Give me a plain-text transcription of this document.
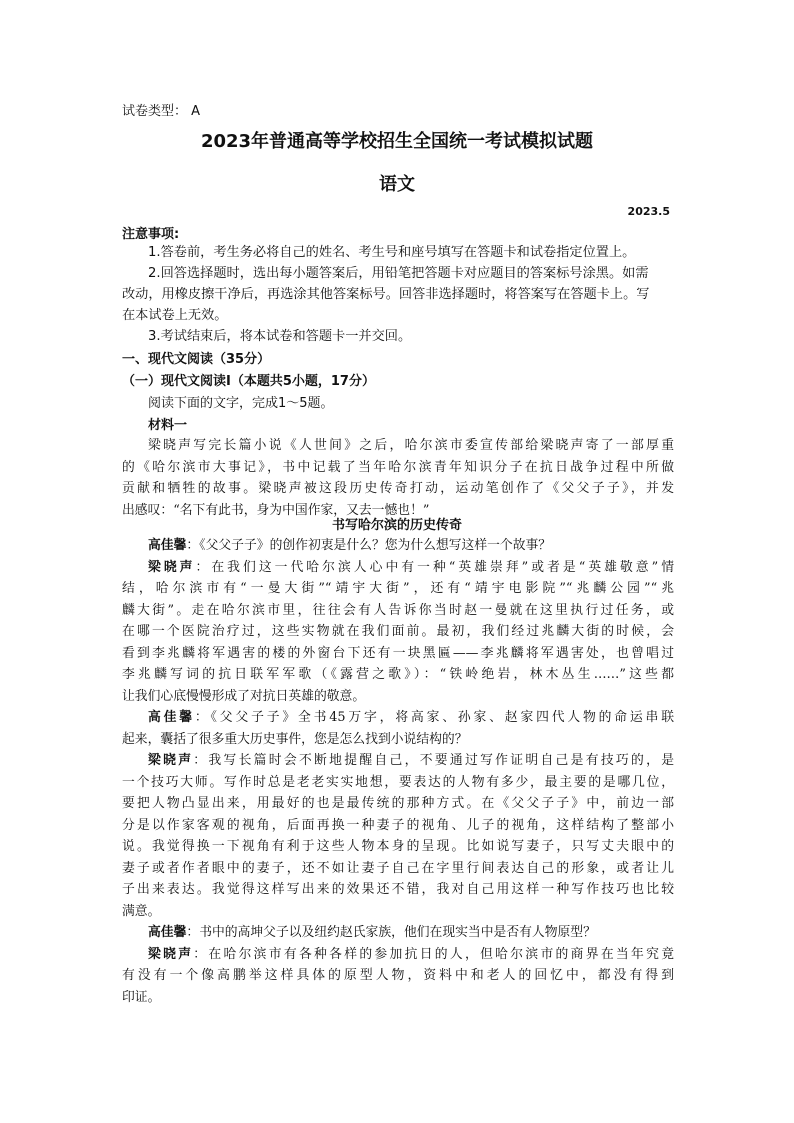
试卷类型： A
2023年普通高等学校招生全国统一考试模拟试题
语文
2023.5
注意事项:
1.答卷前，考生务必将自己的姓名、考生号和座号填写在答题卡和试卷指定位置上。
2.回答选择题时，选出每小题答案后，用铅笔把答题卡对应题目的答案标号涂黑。如需
改动，用橡皮擦干净后，再选涂其他答案标号。回答非选择题时，将答案写在答题卡上。写
在本试卷上无效。
3.考试结束后，将本试卷和答题卡一并交回。
一、现代文阅读（35分）
（一）现代文阅读Ⅰ（本题共5小题，17分）
阅读下面的文字，完成1～5题。
材料一
梁晓声写完长篇小说《人世间》之后，哈尔滨市委宣传部给梁晓声寄了一部厚重
的《哈尔滨市大事记》，书中记载了当年哈尔滨青年知识分子在抗日战争过程中所做
贡献和牺牲的故事。梁晓声被这段历史传奇打动，运动笔创作了《父父子子》，并发
出感叹：“名下有此书，身为中国作家，又去一憾也！”
书写哈尔滨的历史传奇
高佳馨：《父父子子》的创作初衷是什么？您为什么想写这样一个故事？
梁晓声：在我们这一代哈尔滨人心中有一种“英雄崇拜”或者是“英雄敬意”情
结，哈尔滨市有“一曼大街”“靖宇大街”，还有“靖宇电影院”“兆麟公园”“兆
麟大街”。走在哈尔滨市里，往往会有人告诉你当时赵一曼就在这里执行过任务，或
在哪一个医院治疗过，这些实物就在我们面前。最初，我们经过兆麟大街的时候，会
看到李兆麟将军遇害的楼的外窗台下还有一块黑匾——李兆麟将军遇害处，也曾唱过
李兆麟写词的抗日联军军歌（《露营之歌》）：“铁岭绝岩，林木丛生……”这些都
让我们心底慢慢形成了对抗日英雄的敬意。
高佳馨：《父父子子》全书45万字，将高家、孙家、赵家四代人物的命运串联
起来，囊括了很多重大历史事件，您是怎么找到小说结构的？
梁晓声：我写长篇时会不断地提醒自己，不要通过写作证明自己是有技巧的，是
一个技巧大师。写作时总是老老实实地想，要表达的人物有多少，最主要的是哪几位，
要把人物凸显出来，用最好的也是最传统的那种方式。在《父父子子》中，前边一部
分是以作家客观的视角，后面再换一种妻子的视角、儿子的视角，这样结构了整部小
说。我觉得换一下视角有利于这些人物本身的呈现。比如说写妻子，只写丈夫眼中的
妻子或者作者眼中的妻子，还不如让妻子自己在字里行间表达自己的形象，或者让儿
子出来表达。我觉得这样写出来的效果还不错，我对自己用这样一种写作技巧也比较
满意。
高佳馨：书中的高坤父子以及纽约赵氏家族，他们在现实当中是否有人物原型？
梁晓声：在哈尔滨市有各种各样的参加抗日的人，但哈尔滨市的商界在当年究竟
有没有一个像高鹏举这样具体的原型人物，资料中和老人的回忆中，都没有得到
印证。
